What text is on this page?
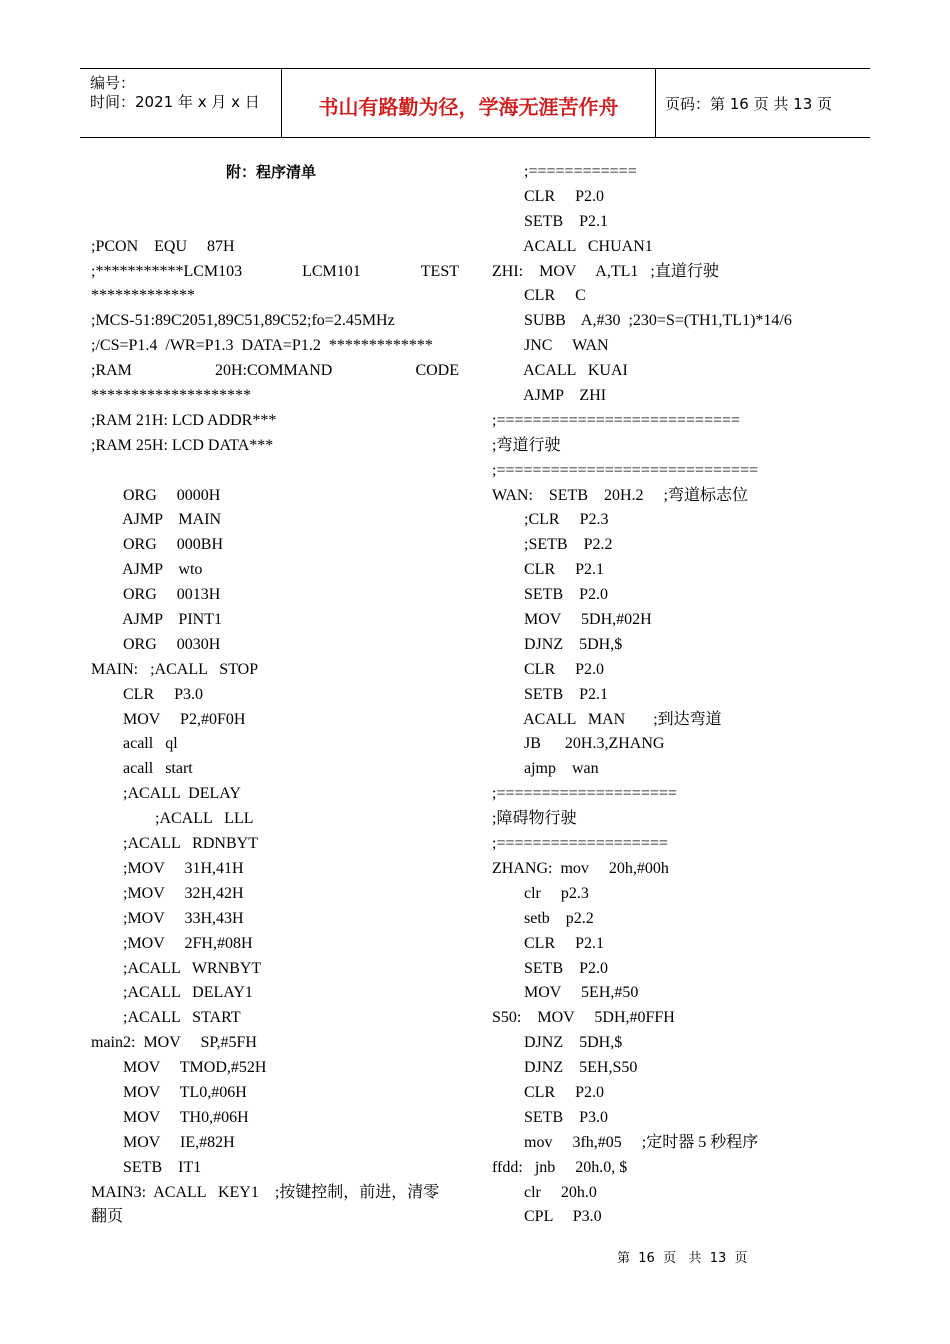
编号：
时间：2021 年 x 月 x 日	书山有路勤为径，学海无涯苦作舟	页码：第 16 页 共 13 页
附：程序清单
;PCON    EQU     87H
;***********LCM103	LCM101	TEST
*************
;MCS-51:89C2051,89C51,89C52;fo=2.45MHz
;/CS=P1.4  /WR=P1.3  DATA=P1.2  *************
;RAM	20H:COMMAND	CODE
********************
;RAM 21H: LCD ADDR***
;RAM 25H: LCD DATA***
ORG     0000H
AJMP    MAIN
ORG     000BH
AJMP    wto
ORG     0013H
AJMP    PINT1
ORG     0030H
MAIN:   ;ACALL   STOP
CLR     P3.0
MOV     P2,#0F0H
acall   ql
acall   start
;ACALL  DELAY
;ACALL   LLL
;ACALL   RDNBYT
;MOV     31H,41H
;MOV     32H,42H
;MOV     33H,43H
;MOV     2FH,#08H
;ACALL   WRNBYT
;ACALL   DELAY1
;ACALL   START
main2:  MOV     SP,#5FH
MOV     TMOD,#52H
MOV     TL0,#06H
MOV     TH0,#06H
MOV     IE,#82H
SETB    IT1
MAIN3:  ACALL   KEY1    ;按键控制，前进，清零
翻页
;============
CLR     P2.0
SETB    P2.1
ACALL   CHUAN1
ZHI:    MOV     A,TL1   ;直道行驶
CLR     C
SUBB    A,#30  ;230=S=(TH1,TL1)*14/6
JNC     WAN
ACALL   KUAI
AJMP    ZHI
;===========================
;弯道行驶
;=============================
WAN:    SETB    20H.2     ;弯道标志位
;CLR     P2.3
;SETB    P2.2
CLR     P2.1
SETB    P2.0
MOV     5DH,#02H
DJNZ    5DH,$
CLR     P2.0
SETB    P2.1
ACALL   MAN       ;到达弯道
JB      20H.3,ZHANG
ajmp    wan
;====================
;障碍物行驶
;===================
ZHANG:  mov     20h,#00h
clr     p2.3
setb    p2.2
CLR     P2.1
SETB    P2.0
MOV     5EH,#50
S50:    MOV     5DH,#0FFH
DJNZ    5DH,$
DJNZ    5EH,S50
CLR     P2.0
SETB    P3.0
mov     3fh,#05     ;定时器 5 秒程序
ffdd:   jnb     20h.0, $
clr     20h.0
CPL     P3.0
第  16  页   共  13  页
